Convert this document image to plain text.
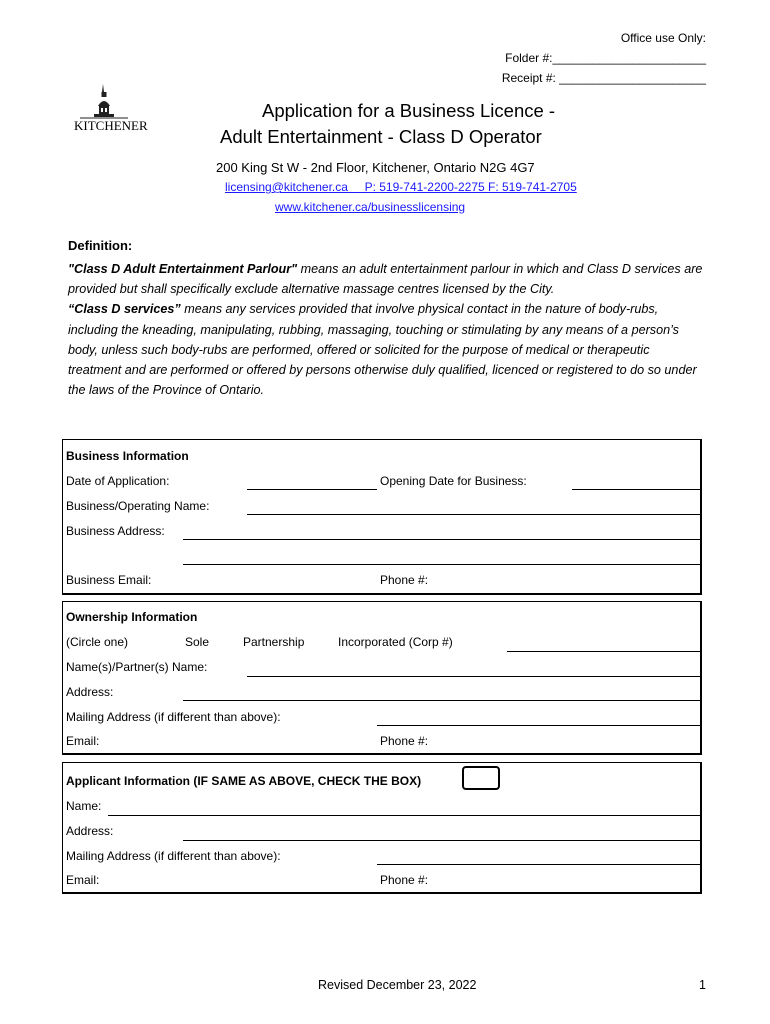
Office use Only:
Folder #:_______________________
Receipt #: ______________________
KITCHENER
Application for a Business Licence -
Adult Entertainment - Class D Operator
200 King St W - 2nd Floor, Kitchener, Ontario N2G 4G7
licensing@kitchener.ca     P: 519-741-2200-2275 F: 519-741-2705
www.kitchener.ca/businesslicensing
Definition:
"Class D Adult Entertainment Parlour" means an adult entertainment parlour in which and Class D services are provided but shall specifically exclude alternative massage centres licensed by the City.
“Class D services” means any services provided that involve physical contact in the nature of body-rubs, including the kneading, manipulating, rubbing, massaging, touching or stimulating by any means of a person’s body, unless such body-rubs are performed, offered or solicited for the purpose of medical or therapeutic treatment and are performed or offered by persons otherwise duly qualified, licenced or registered to do so under the laws of the Province of Ontario.
Business Information
Date of Application:	Opening Date for Business:
Business/Operating Name:
Business Address:
Business Email:	Phone #:
Ownership Information
(Circle one)	Sole	Partnership	Incorporated (Corp #)
Name(s)/Partner(s) Name:
Address:
Mailing Address (if different than above):
Email:	Phone #:
Applicant Information (IF SAME AS ABOVE, CHECK THE BOX)
Name:
Address:
Mailing Address (if different than above):
Email:	Phone #:
Revised December 23, 2022	1
